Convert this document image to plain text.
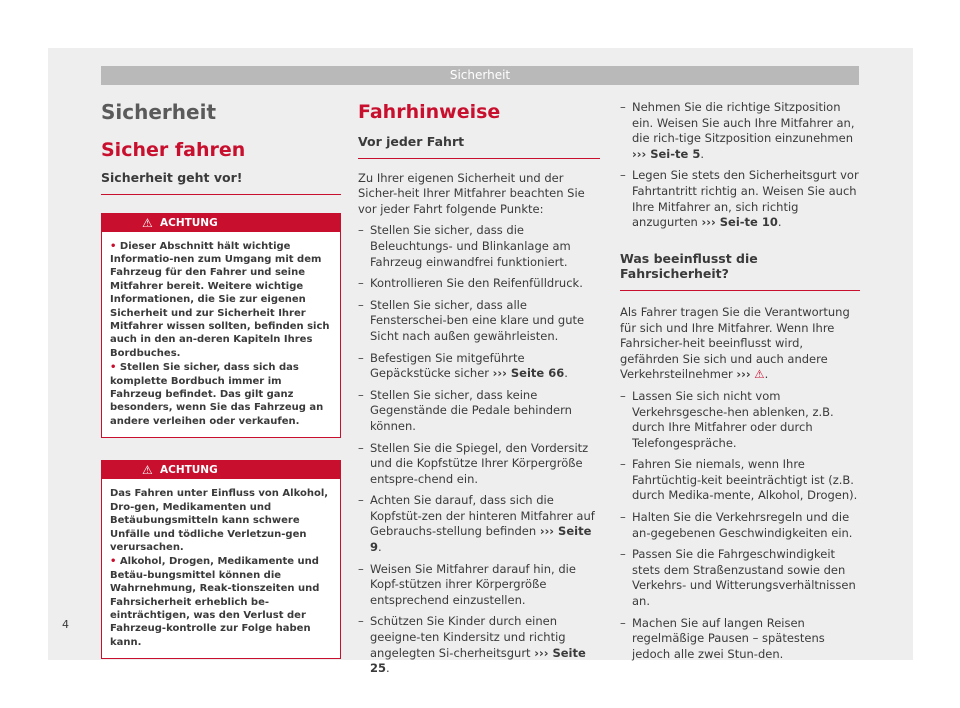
Sicherheit
Sicherheit
Sicher fahren
Sicherheit geht vor!
⚠ ACHTUNG

• Dieser Abschnitt hält wichtige Informatio-nen zum Umgang mit dem Fahrzeug für den Fahrer und seine Mitfahrer bereit. Weitere wichtige Informationen, die Sie zur eigenen Sicherheit und zur Sicherheit Ihrer Mitfahrer wissen sollten, befinden sich auch in den an-deren Kapiteln Ihres Bordbuches.

• Stellen Sie sicher, dass sich das komplette Bordbuch immer im Fahrzeug befindet. Das gilt ganz besonders, wenn Sie das Fahrzeug an andere verleihen oder verkaufen.

⚠ ACHTUNG

Das Fahren unter Einfluss von Alkohol, Dro-gen, Medikamenten und Betäubungsmitteln kann schwere Unfälle und tödliche Verletzun-gen verursachen.

• Alkohol, Drogen, Medikamente und Betäu-bungsmittel können die Wahrnehmung, Reak-tionszeiten und Fahrsicherheit erheblich be-einträchtigen, was den Verlust der Fahrzeug-kontrolle zur Folge haben kann.

Fahrhinweise
Vor jeder Fahrt

Zu Ihrer eigenen Sicherheit und der Sicher-heit Ihrer Mitfahrer beachten Sie vor jeder Fahrt folgende Punkte:

– Stellen Sie sicher, dass die Beleuchtungs- und Blinkanlage am Fahrzeug einwandfrei funktioniert.
– Kontrollieren Sie den Reifenfülldruck.
– Stellen Sie sicher, dass alle Fensterschei-ben eine klare und gute Sicht nach außen gewährleisten.
– Befestigen Sie mitgeführte Gepäckstücke sicher ››› Seite 66.
– Stellen Sie sicher, dass keine Gegenstände die Pedale behindern können.
– Stellen Sie die Spiegel, den Vordersitz und die Kopfstütze Ihrer Körpergröße entspre-chend ein.
– Achten Sie darauf, dass sich die Kopfstüt-zen der hinteren Mitfahrer auf Gebrauchs-stellung befinden ››› Seite 9.
– Weisen Sie Mitfahrer darauf hin, die Kopf-stützen ihrer Körpergröße entsprechend einzustellen.
– Schützen Sie Kinder durch einen geeigne-ten Kindersitz und richtig angelegten Si-cherheitsgurt ››› Seite 25.
– Nehmen Sie die richtige Sitzposition ein. Weisen Sie auch Ihre Mitfahrer an, die rich-tige Sitzposition einzunehmen ››› Sei-te 5.
– Legen Sie stets den Sicherheitsgurt vor Fahrtantritt richtig an. Weisen Sie auch Ihre Mitfahrer an, sich richtig anzugurten ››› Sei-te 10.
Was beeinflusst die Fahrsicherheit?

Als Fahrer tragen Sie die Verantwortung für sich und Ihre Mitfahrer. Wenn Ihre Fahrsicher-heit beeinflusst wird, gefährden Sie sich und auch andere Verkehrsteilnehmer ››› ⚠.

– Lassen Sie sich nicht vom Verkehrsgesche-hen ablenken, z.B. durch Ihre Mitfahrer oder durch Telefongespräche.
– Fahren Sie niemals, wenn Ihre Fahrtüchtig-keit beeinträchtigt ist (z.B. durch Medika-mente, Alkohol, Drogen).
– Halten Sie die Verkehrsregeln und die an-gegebenen Geschwindigkeiten ein.
– Passen Sie die Fahrgeschwindigkeit stets dem Straßenzustand sowie den Verkehrs- und Witterungsverhältnissen an.
– Machen Sie auf langen Reisen regelmäßige Pausen – spätestens jedoch alle zwei Stun-den.
4
